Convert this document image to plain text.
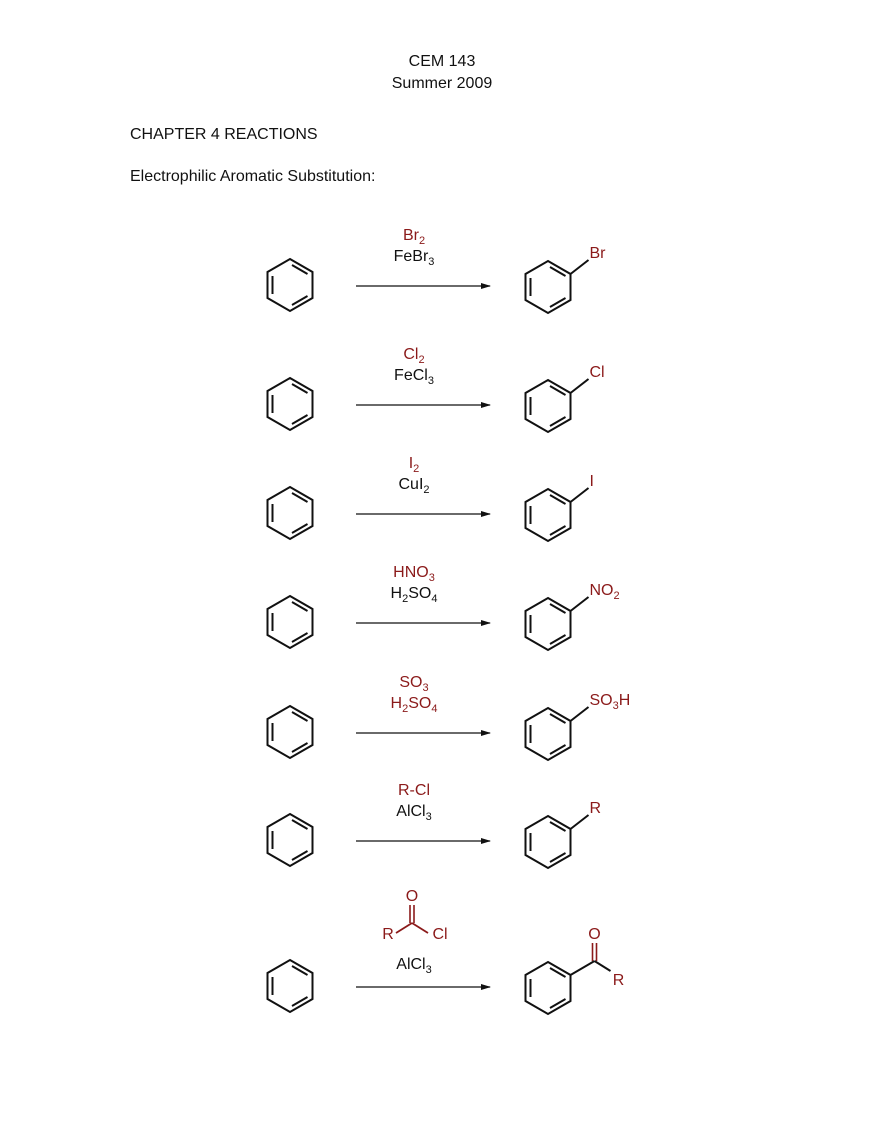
CEM 143
Summer 2009
CHAPTER 4 REACTIONS
Electrophilic Aromatic Substitution:
$Br_2$
FeBr$_3$	Br
$Cl_2$
FeCl$_3$	Cl
$I_2$
CuI$_2$	I
$HNO_3$
$H_2SO_4$	$NO_2$
$SO_3$
$H_2SO_4$	$SO_3H$
R-Cl
AlCl$_3$	R
O
R Cl
AlCl$_3$
O
R
